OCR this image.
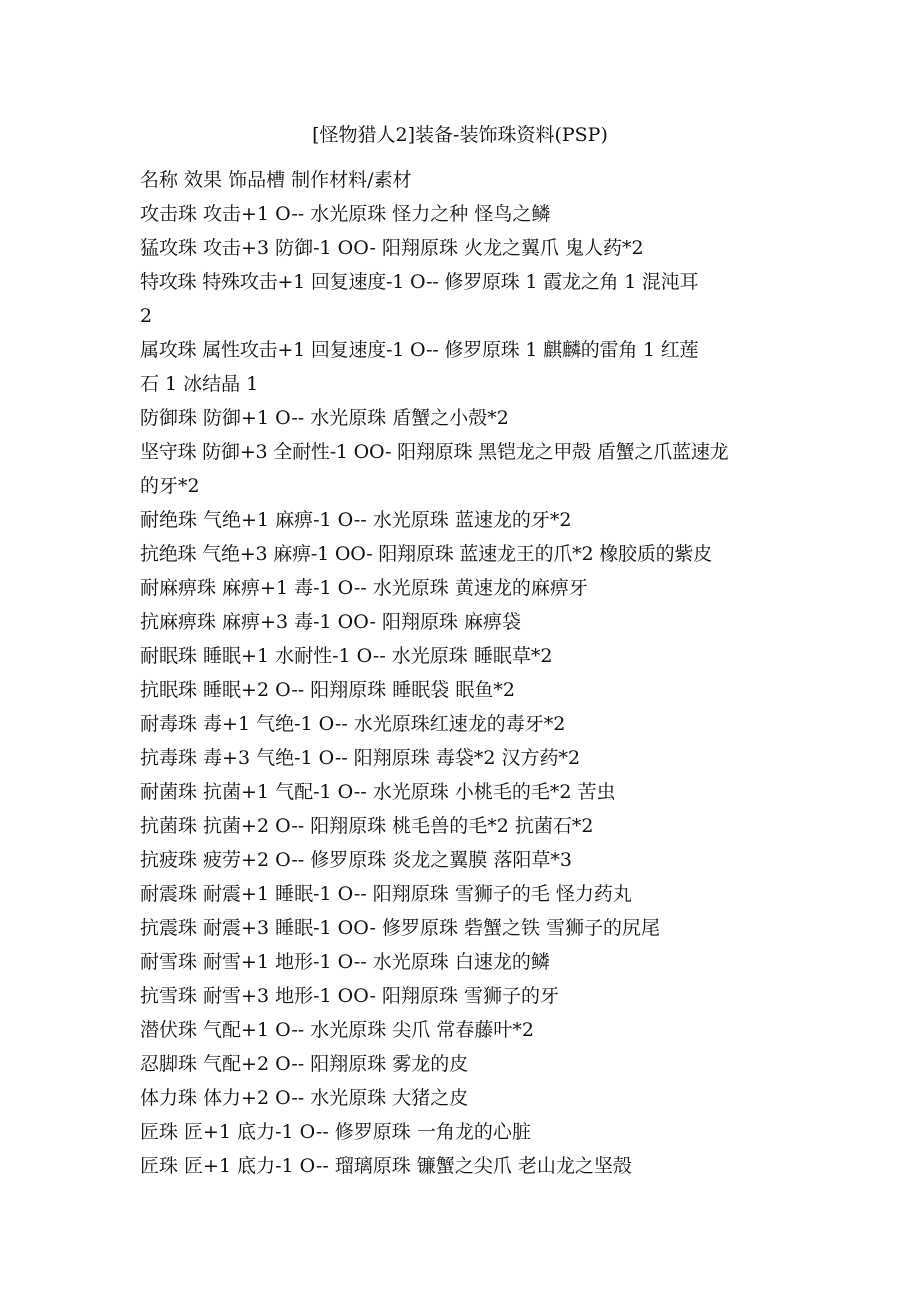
[怪物猎人2]装备-装饰珠资料(PSP)
名称 效果 饰品槽 制作材料/素材
攻击珠 攻击+1 O-- 水光原珠 怪力之种 怪鸟之鳞
猛攻珠 攻击+3 防御-1 OO- 阳翔原珠 火龙之翼爪 鬼人药*2
特攻珠 特殊攻击+1 回复速度-1 O-- 修罗原珠 1 霞龙之角 1 混沌耳
2
属攻珠 属性攻击+1 回复速度-1 O-- 修罗原珠 1 麒麟的雷角 1 红莲
石 1 冰结晶 1
防御珠 防御+1 O-- 水光原珠 盾蟹之小殻*2
坚守珠 防御+3 全耐性-1 OO- 阳翔原珠 黑铠龙之甲殻 盾蟹之爪蓝速龙
的牙*2
耐绝珠 气绝+1 麻痹-1 O-- 水光原珠 蓝速龙的牙*2
抗绝珠 气绝+3 麻痹-1 OO- 阳翔原珠 蓝速龙王的爪*2 橡胶质的紫皮
耐麻痹珠 麻痹+1 毒-1 O-- 水光原珠 黄速龙的麻痹牙
抗麻痹珠 麻痹+3 毒-1 OO- 阳翔原珠 麻痹袋
耐眠珠 睡眠+1 水耐性-1 O-- 水光原珠 睡眠草*2
抗眠珠 睡眠+2 O-- 阳翔原珠 睡眠袋 眠鱼*2
耐毒珠 毒+1 气绝-1 O-- 水光原珠红速龙的毒牙*2
抗毒珠 毒+3 气绝-1 O-- 阳翔原珠 毒袋*2 汉方药*2
耐菌珠 抗菌+1 气配-1 O-- 水光原珠 小桃毛的毛*2 苦虫
抗菌珠 抗菌+2 O-- 阳翔原珠 桃毛兽的毛*2 抗菌石*2
抗疲珠 疲劳+2 O-- 修罗原珠 炎龙之翼膜 落阳草*3
耐震珠 耐震+1 睡眠-1 O-- 阳翔原珠 雪狮子的毛 怪力药丸
抗震珠 耐震+3 睡眠-1 OO- 修罗原珠 砦蟹之铁 雪狮子的尻尾
耐雪珠 耐雪+1 地形-1 O-- 水光原珠 白速龙的鳞
抗雪珠 耐雪+3 地形-1 OO- 阳翔原珠 雪狮子的牙
潜伏珠 气配+1 O-- 水光原珠 尖爪 常春藤叶*2
忍脚珠 气配+2 O-- 阳翔原珠 雾龙的皮
体力珠 体力+2 O-- 水光原珠 大猪之皮
匠珠 匠+1 底力-1 O-- 修罗原珠 一角龙的心脏
匠珠 匠+1 底力-1 O-- 瑠璃原珠 镰蟹之尖爪 老山龙之坚殻
